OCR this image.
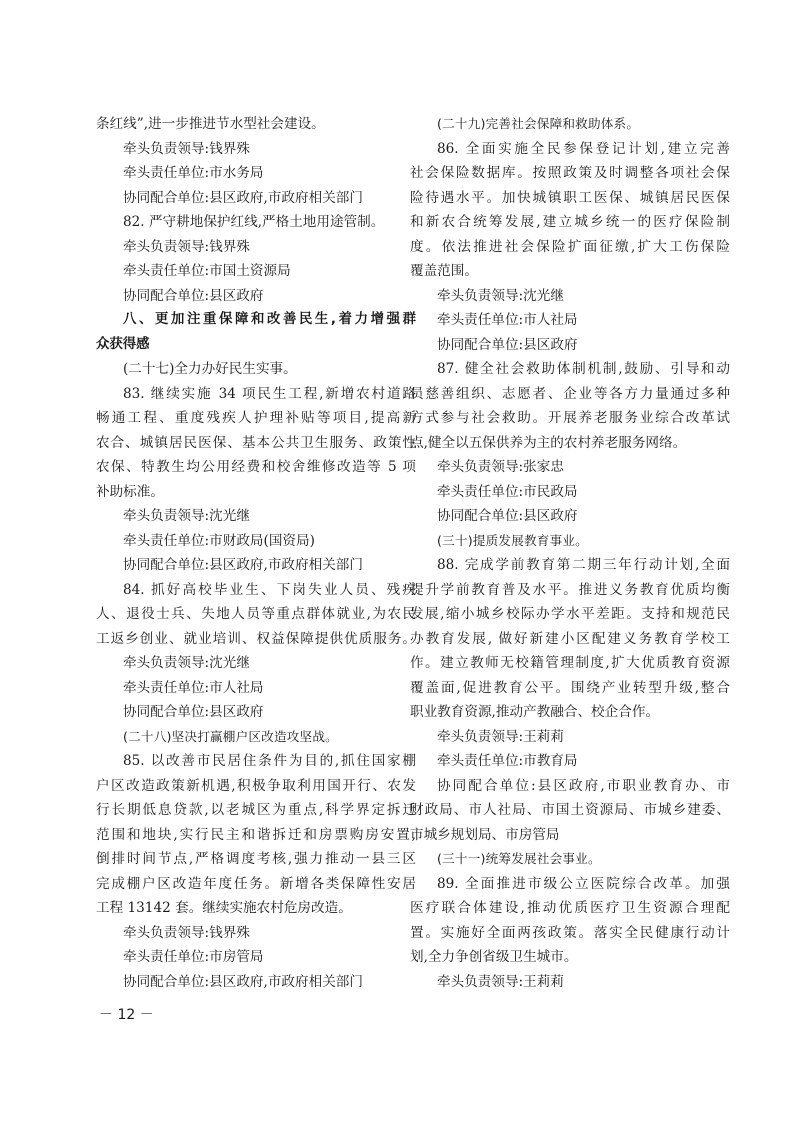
条红线”,进一步推进节水型社会建设。
牵头负责领导:钱界殊
牵头责任单位:市水务局
协同配合单位:县区政府,市政府相关部门
82. 严守耕地保护红线,严格土地用途管制。
牵头负责领导:钱界殊
牵头责任单位:市国土资源局
协同配合单位:县区政府
八、更加注重保障和改善民生,着力增强群
众获得感
(二十七)全力办好民生实事。
83. 继续实施 34 项民生工程,新增农村道路
畅通工程、重度残疾人护理补贴等项目,提高新
农合、城镇居民医保、基本公共卫生服务、政策性
农保、特教生均公用经费和校舍维修改造等 5 项
补助标准。
牵头负责领导:沈光继
牵头责任单位:市财政局(国资局)
协同配合单位:县区政府,市政府相关部门
84. 抓好高校毕业生、下岗失业人员、残疾
人、退役士兵、失地人员等重点群体就业,为农民
工返乡创业、就业培训、权益保障提供优质服务。
牵头负责领导:沈光继
牵头责任单位:市人社局
协同配合单位:县区政府
(二十八)坚决打赢棚户区改造攻坚战。
85. 以改善市民居住条件为目的,抓住国家棚
户区改造政策新机遇,积极争取利用国开行、农发
行长期低息贷款,以老城区为重点,科学界定拆迁
范围和地块,实行民主和谐拆迁和房票购房安置,
倒排时间节点,严格调度考核,强力推动一县三区
完成棚户区改造年度任务。新增各类保障性安居
工程 13142 套。继续实施农村危房改造。
牵头负责领导:钱界殊
牵头责任单位:市房管局
协同配合单位:县区政府,市政府相关部门
(二十九)完善社会保障和救助体系。
86. 全面实施全民参保登记计划,建立完善
社会保险数据库。按照政策及时调整各项社会保
险待遇水平。加快城镇职工医保、城镇居民医保
和新农合统筹发展,建立城乡统一的医疗保险制
度。依法推进社会保险扩面征缴,扩大工伤保险
覆盖范围。
牵头负责领导:沈光继
牵头责任单位:市人社局
协同配合单位:县区政府
87. 健全社会救助体制机制,鼓励、引导和动
员慈善组织、志愿者、企业等各方力量通过多种
方式参与社会救助。开展养老服务业综合改革试
点,健全以五保供养为主的农村养老服务网络。
牵头负责领导:张家忠
牵头责任单位:市民政局
协同配合单位:县区政府
(三十)提质发展教育事业。
88. 完成学前教育第二期三年行动计划,全面
提升学前教育普及水平。推进义务教育优质均衡
发展,缩小城乡校际办学水平差距。支持和规范民
办教育发展, 做好新建小区配建义务教育学校工
作。建立教师无校籍管理制度,扩大优质教育资源
覆盖面,促进教育公平。围绕产业转型升级,整合
职业教育资源,推动产教融合、校企合作。
牵头负责领导:王莉莉
牵头责任单位:市教育局
协同配合单位:县区政府,市职业教育办、市
财政局、市人社局、市国土资源局、市城乡建委、
市城乡规划局、市房管局
(三十一)统筹发展社会事业。
89. 全面推进市级公立医院综合改革。加强
医疗联合体建设,推动优质医疗卫生资源合理配
置。实施好全面两孩政策。落实全民健康行动计
划,全力争创省级卫生城市。
牵头负责领导:王莉莉
－ 12 －
